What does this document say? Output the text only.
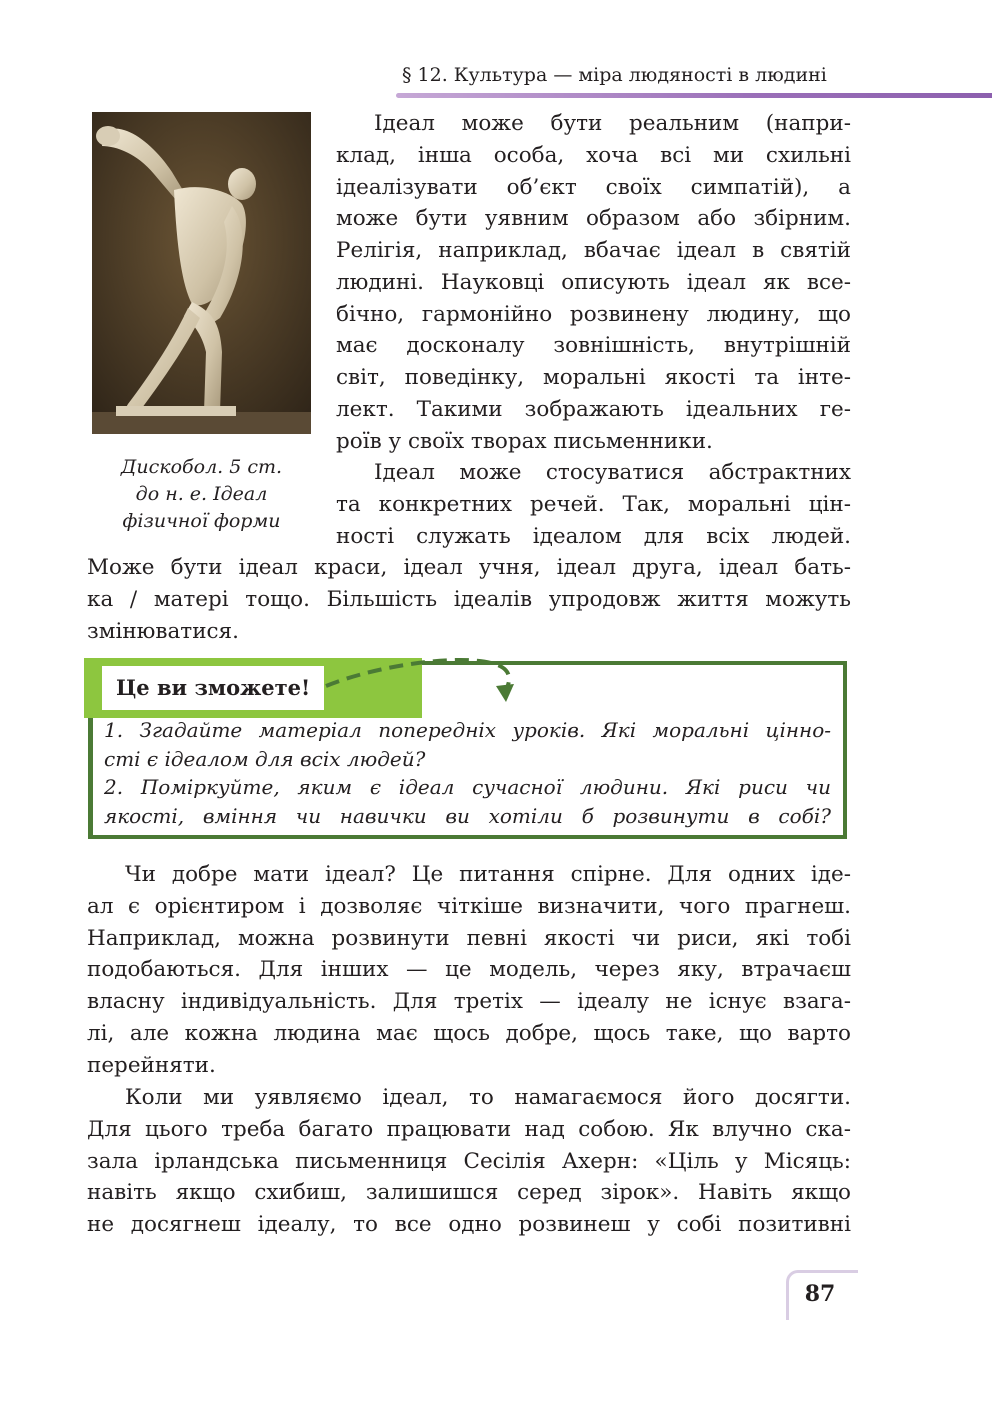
§ 12. Культура — міра людяності в людині
Дискобол. 5 ст.
до н. е. Ідеал
фізичної форми

Ідеал може бути реальним (напри-
клад, інша особа, хоча всі ми схильні
ідеалізувати об’єкт своїх симпатій), а
може бути уявним образом або збірним.
Релігія, наприклад, вбачає ідеал в святій
людині. Науковці описують ідеал як все-
бічно, гармонійно розвинену людину, що
має досконалу зовнішність, внутрішній
світ, поведінку, моральні якості та інте-
лект. Такими зображають ідеальних ге-
роїв у своїх творах письменники.

Ідеал може стосуватися абстрактних
та конкретних речей. Так, моральні цін-
ності служать ідеалом для всіх людей.

Може бути ідеал краси, ідеал учня, ідеал друга, ідеал бать-
ка / матері тощо. Більшість ідеалів упродовж життя можуть
змінюватися.

Це ви зможете!
1. Згадайте матеріал попередніх уроків. Які моральні цінно-
сті є ідеалом для всіх людей?
2. Поміркуйте, яким є ідеал сучасної людини. Які риси чи
якості, вміння чи навички ви хотіли б розвинути в собі?

Чи добре мати ідеал? Це питання спірне. Для одних іде-
ал є орієнтиром і дозволяє чіткіше визначити, чого прагнеш.
Наприклад, можна розвинути певні якості чи риси, які тобі
подобаються. Для інших — це модель, через яку, втрачаєш
власну індивідуальність. Для третіх — ідеалу не існує взага-
лі, але кожна людина має щось добре, щось таке, що варто
перейняти.

Коли ми уявляємо ідеал, то намагаємося його досягти.
Для цього треба багато працювати над собою. Як влучно ска-
зала ірландська письменниця Сесілія Ахерн: «Ціль у Місяць:
навіть якщо схибиш, залишишся серед зірок». Навіть якщо
не досягнеш ідеалу, то все одно розвинеш у собі позитивні

87
